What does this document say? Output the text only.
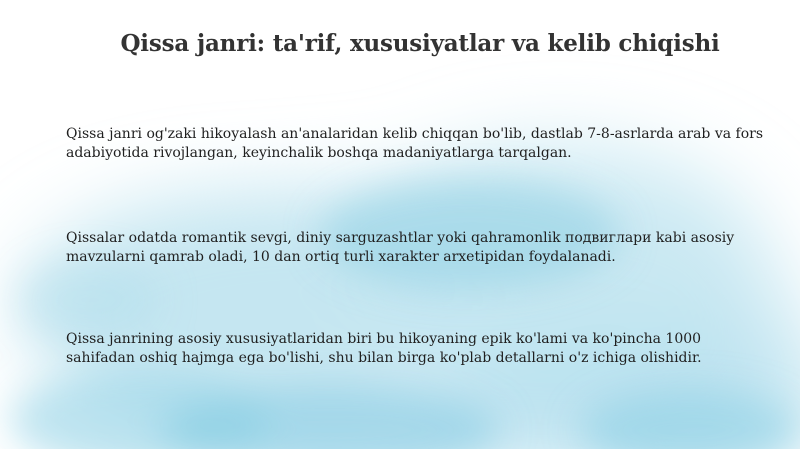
Qissa janri: ta'rif, xususiyatlar va kelib chiqishi

Qissa janri og'zaki hikoyalash an'analaridan kelib chiqqan bo'lib, dastlab 7-8-asrlarda arab va fors adabiyotida rivojlangan, keyinchalik boshqa madaniyatlarga tarqalgan.

Qissalar odatda romantik sevgi, diniy sarguzashtlar yoki qahramonlik подвиглари kabi asosiy mavzularni qamrab oladi, 10 dan ortiq turli xarakter arxetipidan foydalanadi.

Qissa janrining asosiy xususiyatlaridan biri bu hikoyaning epik ko'lami va ko'pincha 1000 sahifadan oshiq hajmga ega bo'lishi, shu bilan birga ko'plab detallarni o'z ichiga olishidir.
